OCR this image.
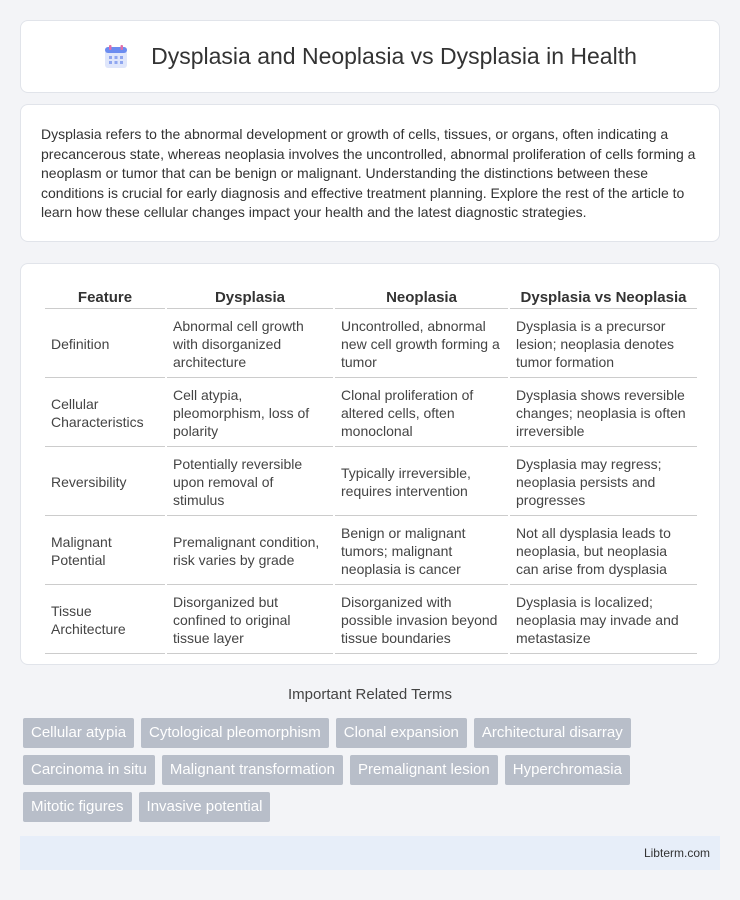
Dysplasia and Neoplasia vs Dysplasia in Health

Dysplasia refers to the abnormal development or growth of cells, tissues, or organs, often indicating a precancerous state, whereas neoplasia involves the uncontrolled, abnormal proliferation of cells forming a neoplasm or tumor that can be benign or malignant. Understanding the distinctions between these conditions is crucial for early diagnosis and effective treatment planning. Explore the rest of the article to learn how these cellular changes impact your health and the latest diagnostic strategies.

Feature	Dysplasia	Neoplasia	Dysplasia vs Neoplasia
Definition	Abnormal cell growth with disorganized architecture	Uncontrolled, abnormal new cell growth forming a tumor	Dysplasia is a precursor lesion; neoplasia denotes tumor formation
Cellular Characteristics	Cell atypia, pleomorphism, loss of polarity	Clonal proliferation of altered cells, often monoclonal	Dysplasia shows reversible changes; neoplasia is often irreversible
Reversibility	Potentially reversible upon removal of stimulus	Typically irreversible, requires intervention	Dysplasia may regress; neoplasia persists and progresses
Malignant Potential	Premalignant condition, risk varies by grade	Benign or malignant tumors; malignant neoplasia is cancer	Not all dysplasia leads to neoplasia, but neoplasia can arise from dysplasia
Tissue Architecture	Disorganized but confined to original tissue layer	Disorganized with possible invasion beyond tissue boundaries	Dysplasia is localized; neoplasia may invade and metastasize
Important Related Terms
Cellular atypia	Cytological pleomorphism	Clonal expansion	Architectural disarray
Carcinoma in situ	Malignant transformation	Premalignant lesion	Hyperchromasia
Mitotic figures	Invasive potential
Libterm.com
